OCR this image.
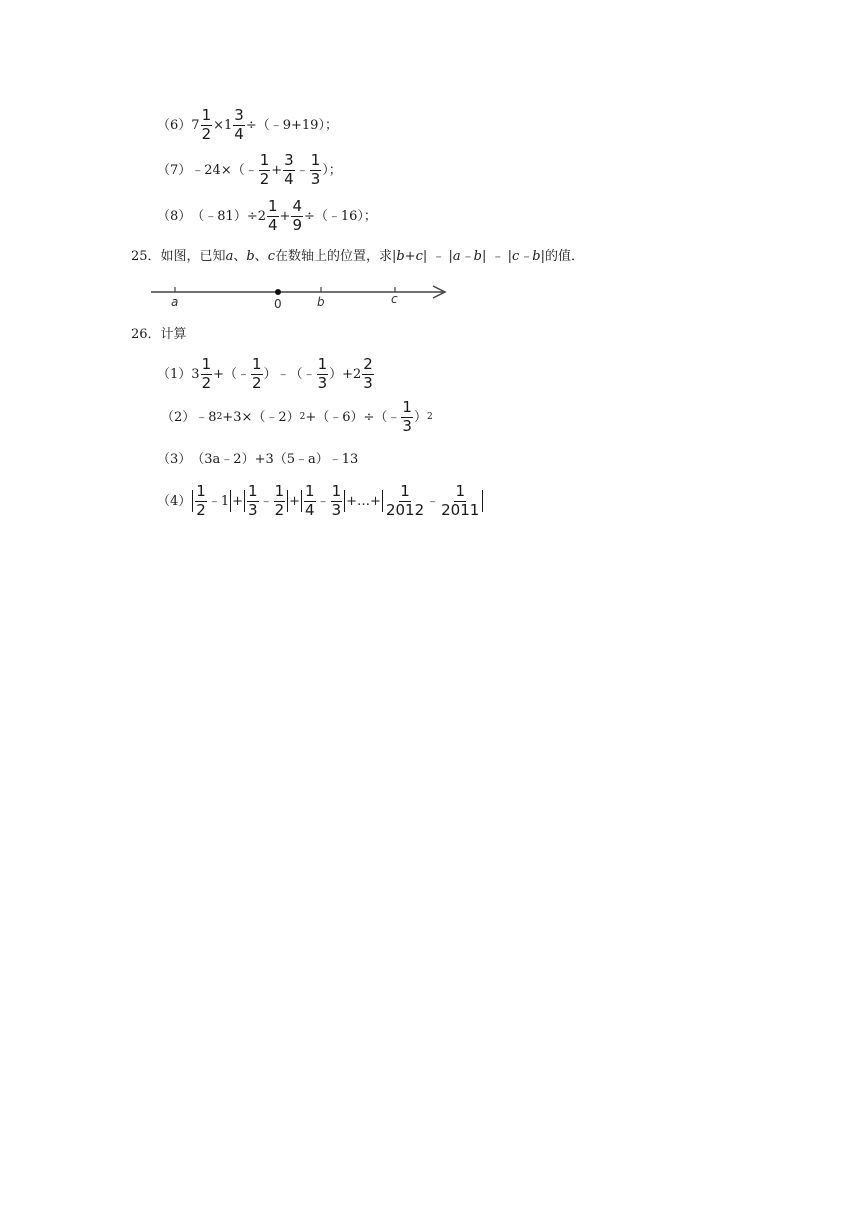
（6） $7 \frac{1}{2} \times 1 \frac{3}{4}$ ÷（﹣9+19）；
（7） ﹣24×（﹣ $\frac{1}{2} + \frac{3}{4}$ ﹣ $\frac{1}{3}$ ）；
（8） （﹣81）÷2 $\frac{1}{4} + \frac{4}{9}$ ÷（﹣16）；
25． 如图，已知 a 、 b 、 c 在数轴上的位置，求| b+c| ﹣ |a﹣b| ﹣ |c﹣b| 的值．
a	0	b	c
26． 计算
（1） $3 \frac{1}{2}$ +（﹣ $\frac{1}{2}$ ）﹣（﹣ $\frac{1}{3} )+2 \frac{2}{3}$
（2） ﹣8 2 +3×（﹣2） 2 +（﹣6）÷（﹣ $\frac{1}{3}$ ） 2
（3） （3a﹣2）+3（5﹣a）﹣13
$(4) \frac{1}{2}$ ﹣1 + $\frac{1}{3}$ ﹣ $\frac{1}{2} + \frac{1}{4}$ ﹣ $\frac{1}{3}$ +…+ $\frac{1}{2012}$ ﹣ $\frac{1}{2011}$
